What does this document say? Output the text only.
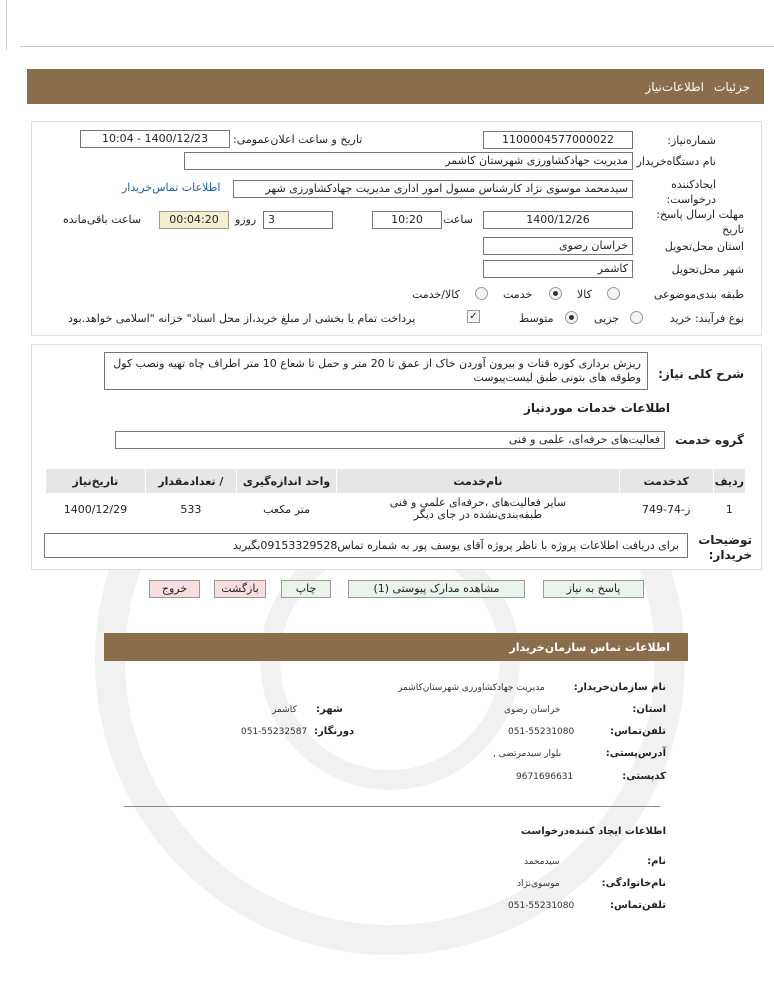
جزئیات
اطلاعات‌نیاز
شماره‌نیاز:
1100004577000022
تاریخ و ساعت اعلان‌عمومی:
1400/12/23 - 10:04
نام دستگاه‌خریدار
مدیریت جهادکشاورزی شهرستان کاشمر
ایجادکننده درخواست:
سیدمحمد موسوی نژاد کارشناس مسول امور اداری مدیریت جهادکشاورزی شهر
اطلاعات تماس‌خریدار
مهلت ارسال پاسخ: تاریخ
1400/12/26
ساعت
10:20
3
روزو
00:04:20
ساعت باقی‌مانده
استان محل‌تحویل
خراسان رضوی
شهر محل‌تحویل
کاشمر
طبقه بندی‌موضوعی
کالا
خدمت
کالا/خدمت
نوع فرآیند: خرید
جزیی
متوسط
✓
پرداخت تمام یا بخشی از مبلغ خرید،از محل اسناد" خزانه "اسلامی خواهد.بود
شرح کلی نیاز:
ریزش برداری کوره قنات و بیرون آوردن خاک از عمق تا 20 متر و حمل تا شعاع 10 متر اطراف چاه تهیه ونصب کول وطوقه های بتونی طبق لیست‌پیوست
اطلاعات خدمات موردنیاز
گروه خدمت
فعالیت‌های حرفه‌ای، علمی و فنی
ردیف	کدخدمت	نام‌خدمت	واحد اندازه‌گیری	/ تعدادمقدار	تاریخ‌نیاز
1	ز-74-749	سایر فعالیت‌های ،حرفه‌ای علمی و فنی طبقه‌بندی‌نشده در جای دیگر	متر مکعب	533	1400/12/29
توضیحات خریدار:
برای دریافت اطلاعات پروژه با ناظر پروژه آقای یوسف پور به شماره تماس09153329528بگیرید
پاسخ به نیاز
مشاهده مدارک پیوستی (1)
چاپ
بازگشت
خروج
اطلاعات تماس سازمان‌خریدار
نام سازمان‌خریدار:
مدیریت جهادکشاورزی شهرستان‌کاشمر
استان:
خراسان رضوی
شهر:
کاشمر
تلفن‌تماس:
051-55231080
دورنگار:
051-55232587
آدرس‌پستی:
بلوار سیدمرتضی ,
کدپستی:
9671696631
اطلاعات ایجاد کننده‌درخواست
نام:
سیدمحمد
نام‌خانوادگی:
موسوی‌نژاد
تلفن‌تماس:
051-55231080
